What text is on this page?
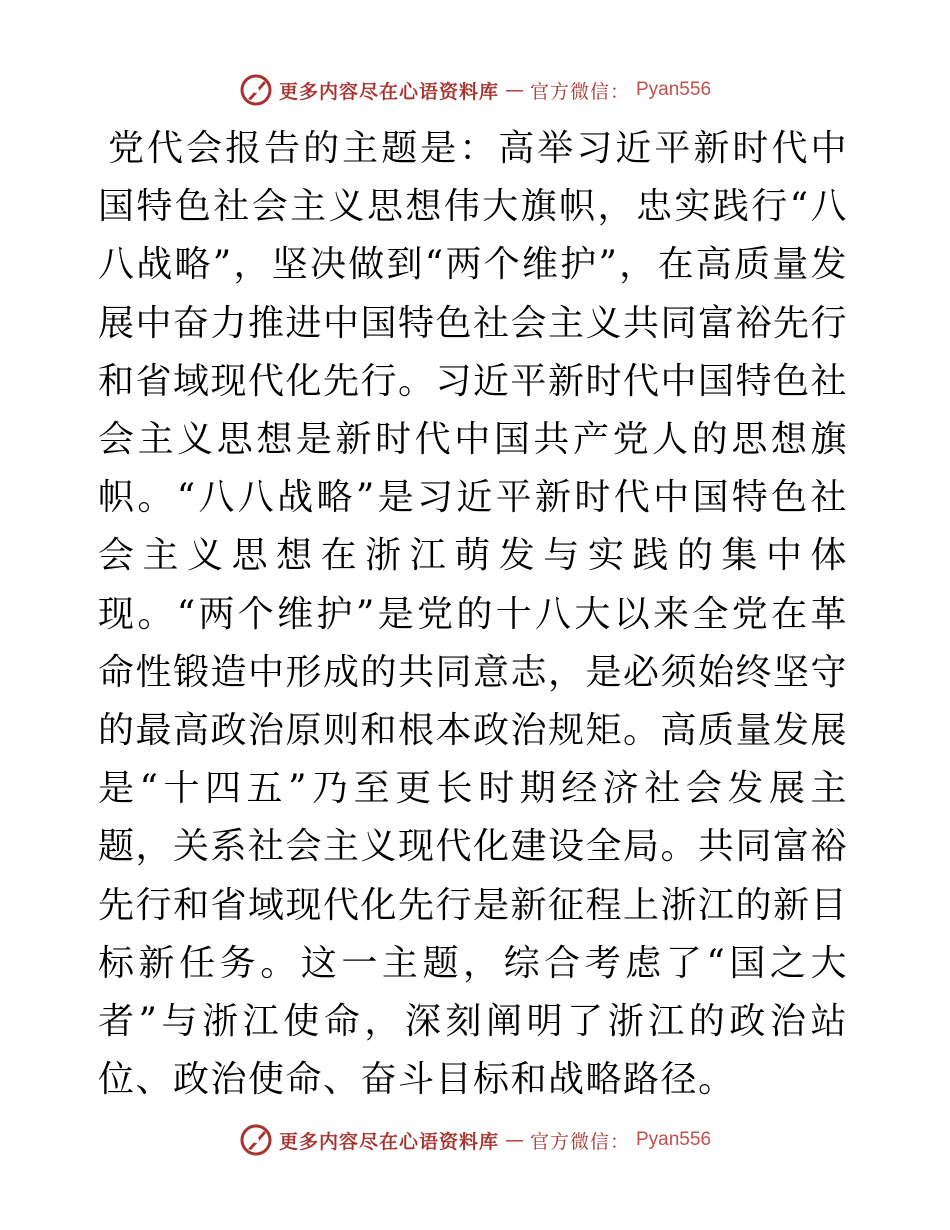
更多内容尽在心语资料库 — 官方微信： Pyan556

党代会报告的主题是：高举习近平新时代中国特色社会主义思想伟大旗帜，忠实践行“八八战略”，坚决做到“两个维护”，在高质量发展中奋力推进中国特色社会主义共同富裕先行和省域现代化先行。习近平新时代中国特色社会主义思想是新时代中国共产党人的思想旗帜。“八八战略”是习近平新时代中国特色社会主义思想在浙江萌发与实践的集中体现。“两个维护”是党的十八大以来全党在革命性锻造中形成的共同意志，是必须始终坚守的最高政治原则和根本政治规矩。高质量发展是“十四五”乃至更长时期经济社会发展主题，关系社会主义现代化建设全局。共同富裕先行和省域现代化先行是新征程上浙江的新目标新任务。这一主题，综合考虑了“国之大者”与浙江使命，深刻阐明了浙江的政治站位、政治使命、奋斗目标和战略路径。

更多内容尽在心语资料库 — 官方微信： Pyan556
